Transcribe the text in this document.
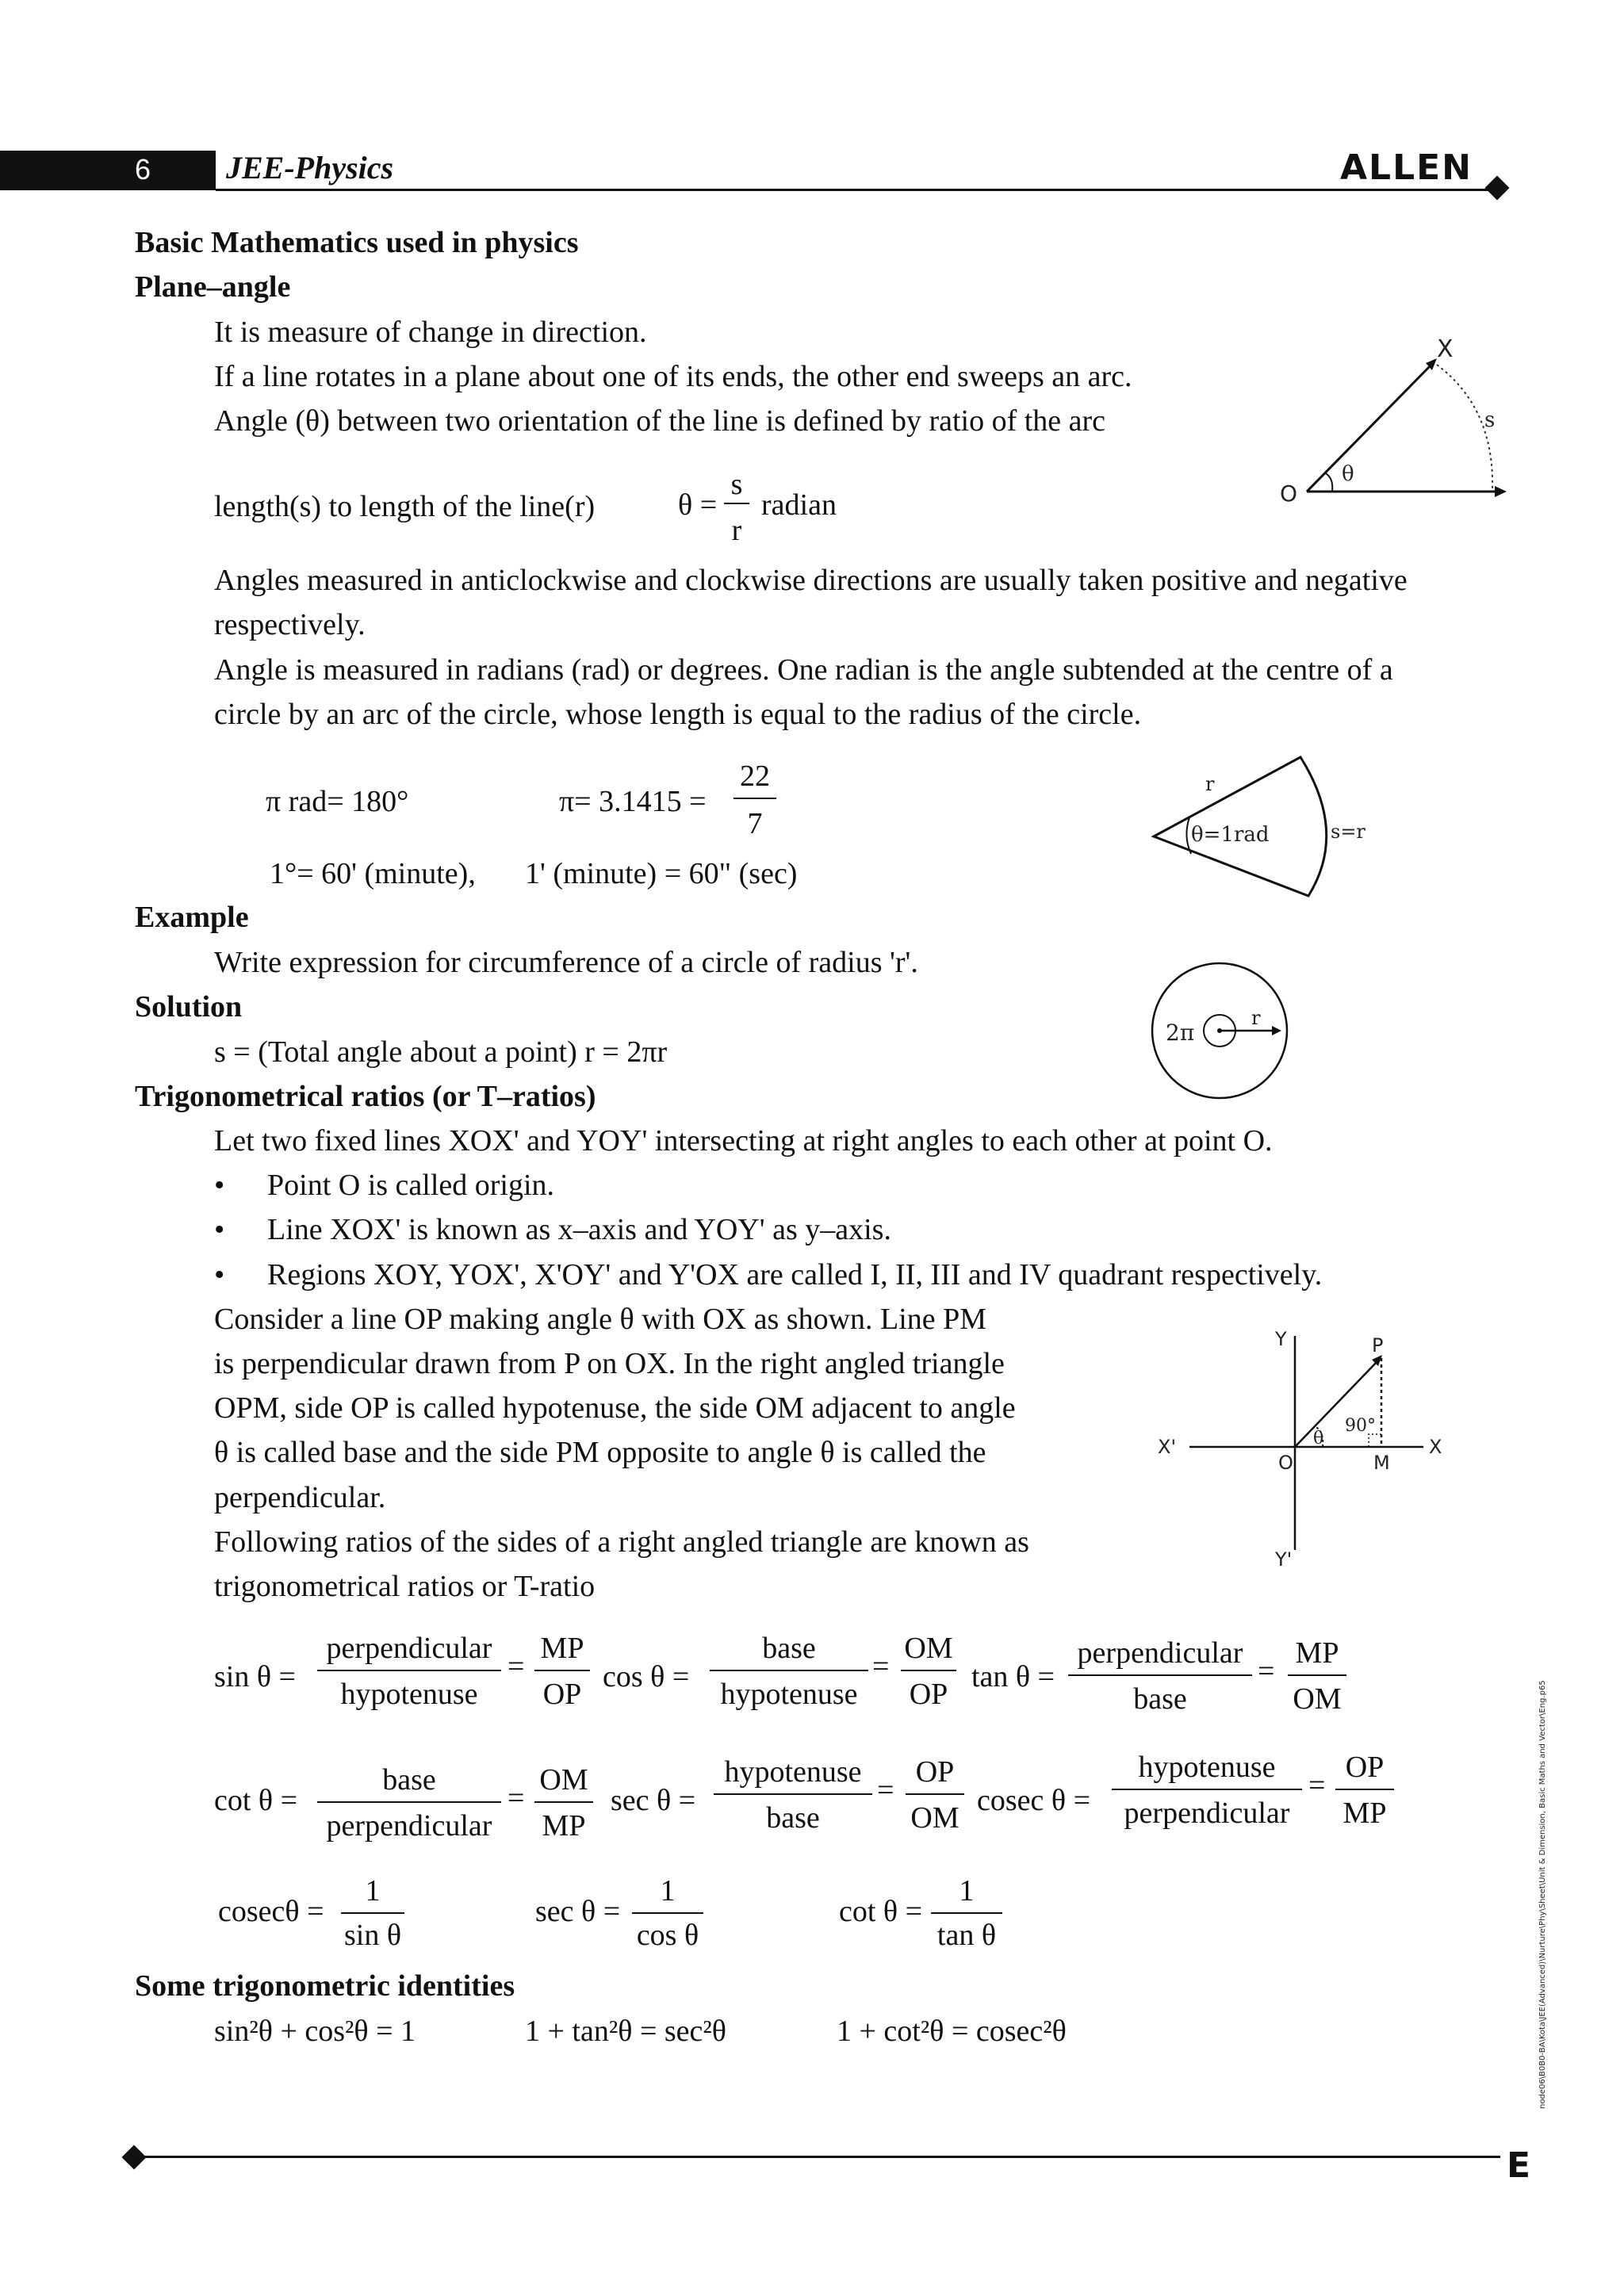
6 JEE-Physics	ALLEN
Basic Mathematics used in physics
Plane–angle
It is measure of change in direction.
If a line rotates in a plane about one of its ends, the other end sweeps an arc.
Angle (θ) between two orientation of the line is defined by ratio of the arc
length(s) to length of the line(r)	θ =
s
r
radian
X
s
O
θ
Angles measured in anticlockwise and clockwise directions are usually taken positive and negative
respectively.
Angle is measured in radians (rad) or degrees. One radian is the angle subtended at the centre of a
circle by an arc of the circle, whose length is equal to the radius of the circle.
π rad= 180°	π= 3.1415 =
22
7
1°= 60' (minute), 1' (minute) = 60" (sec)
r
θ=1rad	s=r
Example
Write expression for circumference of a circle of radius 'r'.
Solution
s = (Total angle about a point) r = 2πr
2π
r
Trigonometrical ratios (or T–ratios)
Let two fixed lines XOX' and YOY' intersecting at right angles to each other at point O.
• Point O is called origin.
• Line XOX' is known as x–axis and YOY' as y–axis.
• Regions XOY, YOX', X'OY' and Y'OX are called I, II, III and IV quadrant respectively.
Consider a line OP making angle θ with OX as shown. Line PM
is perpendicular drawn from P on OX. In the right angled triangle
OPM, side OP is called hypotenuse, the side OM adjacent to angle
θ is called base and the side PM opposite to angle θ is called the
perpendicular.
Following ratios of the sides of a right angled triangle are known as
trigonometrical ratios or T-ratio
Y	P
X'	X
O	M
Y'
θ
90°
sin θ =
perpendicular
hypotenuse
=
MP
OP
cos θ =
base
hypotenuse
=
OM
OP
tan θ =
perpendicular
base
=
MP
OM
cot θ =
base
perpendicular
=
OM
MP
sec θ =
hypotenuse
base
=
OP
OM
cosec θ =
hypotenuse
perpendicular
=
OP
MP
cosecθ =
1
sin θ
sec θ =
1
cos θ
cot θ =
1
tan θ
Some trigonometric identities
sin²θ + cos²θ = 1	1 + tan²θ = sec²θ	1 + cot²θ = cosec²θ	node06\B0B0-BA\Kota\JEE(Advanced)\Nurture\Phy\Sheet\Unit & Dimension, Basic Maths and Vector\Eng.p65
E
